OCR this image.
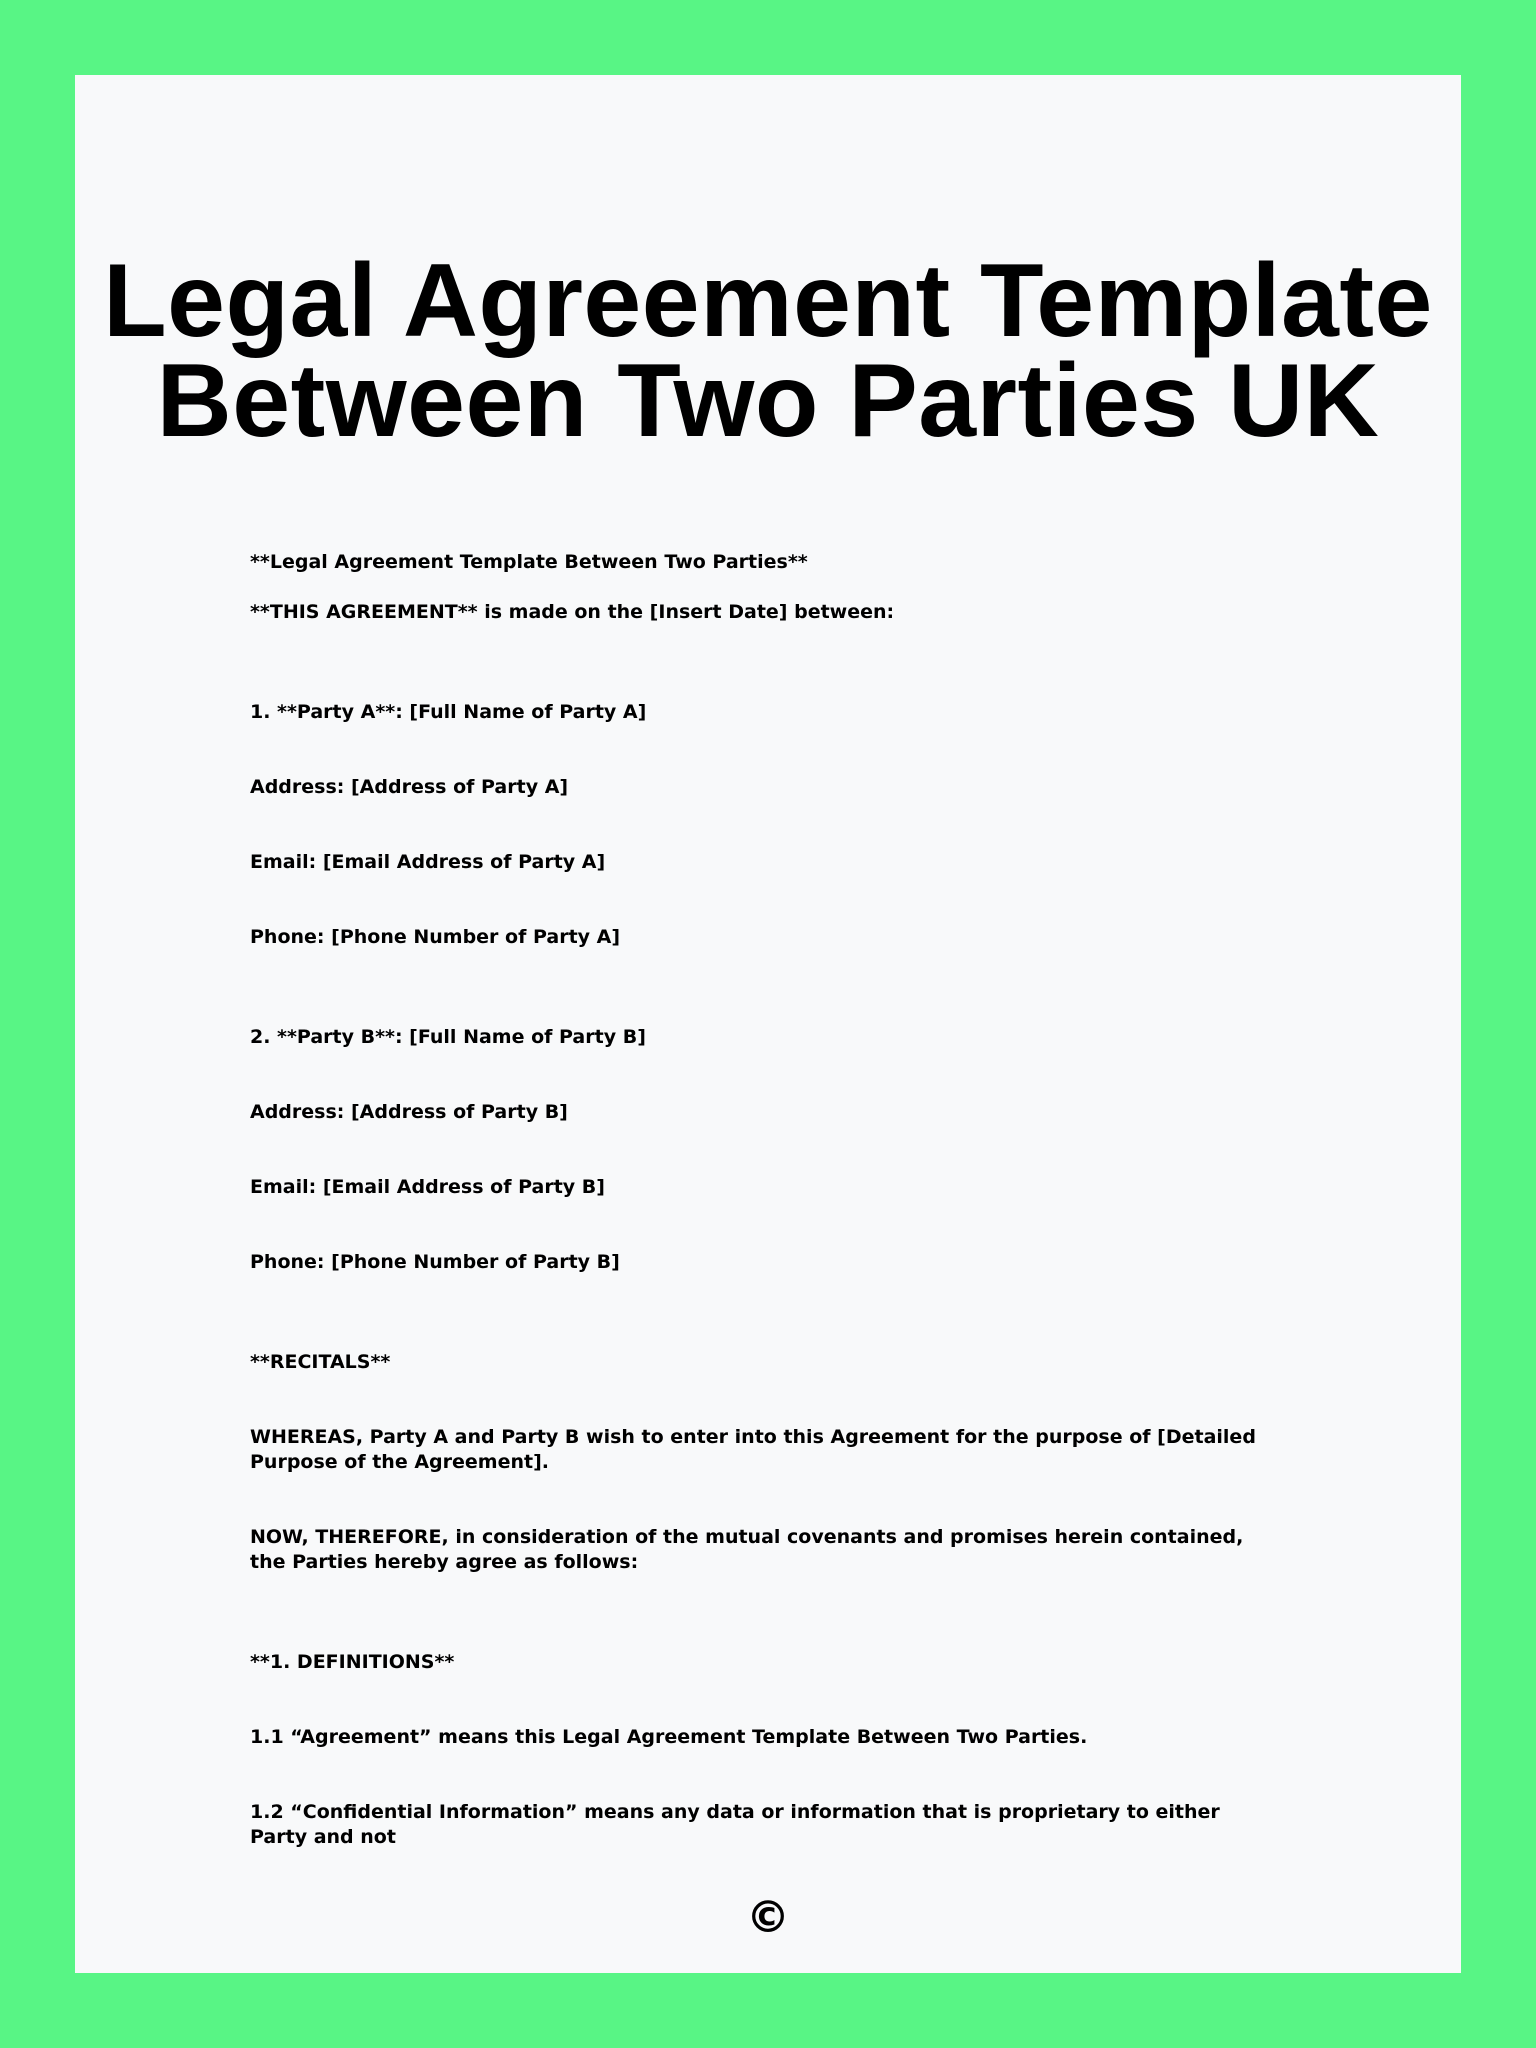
Legal Agreement Template
Between Two Parties UK

**Legal Agreement Template Between Two Parties**

**THIS AGREEMENT** is made on the [Insert Date] between:

1. **Party A**: [Full Name of Party A]

Address: [Address of Party A]

Email: [Email Address of Party A]

Phone: [Phone Number of Party A]

2. **Party B**: [Full Name of Party B]

Address: [Address of Party B]

Email: [Email Address of Party B]

Phone: [Phone Number of Party B]

**RECITALS**

WHEREAS, Party A and Party B wish to enter into this Agreement for the purpose of [Detailed Purpose of the Agreement].

NOW, THEREFORE, in consideration of the mutual covenants and promises herein contained, the Parties hereby agree as follows:

**1. DEFINITIONS**

1.1 “Agreement” means this Legal Agreement Template Between Two Parties.

1.2 “Confidential Information” means any data or information that is proprietary to either Party and not

©
